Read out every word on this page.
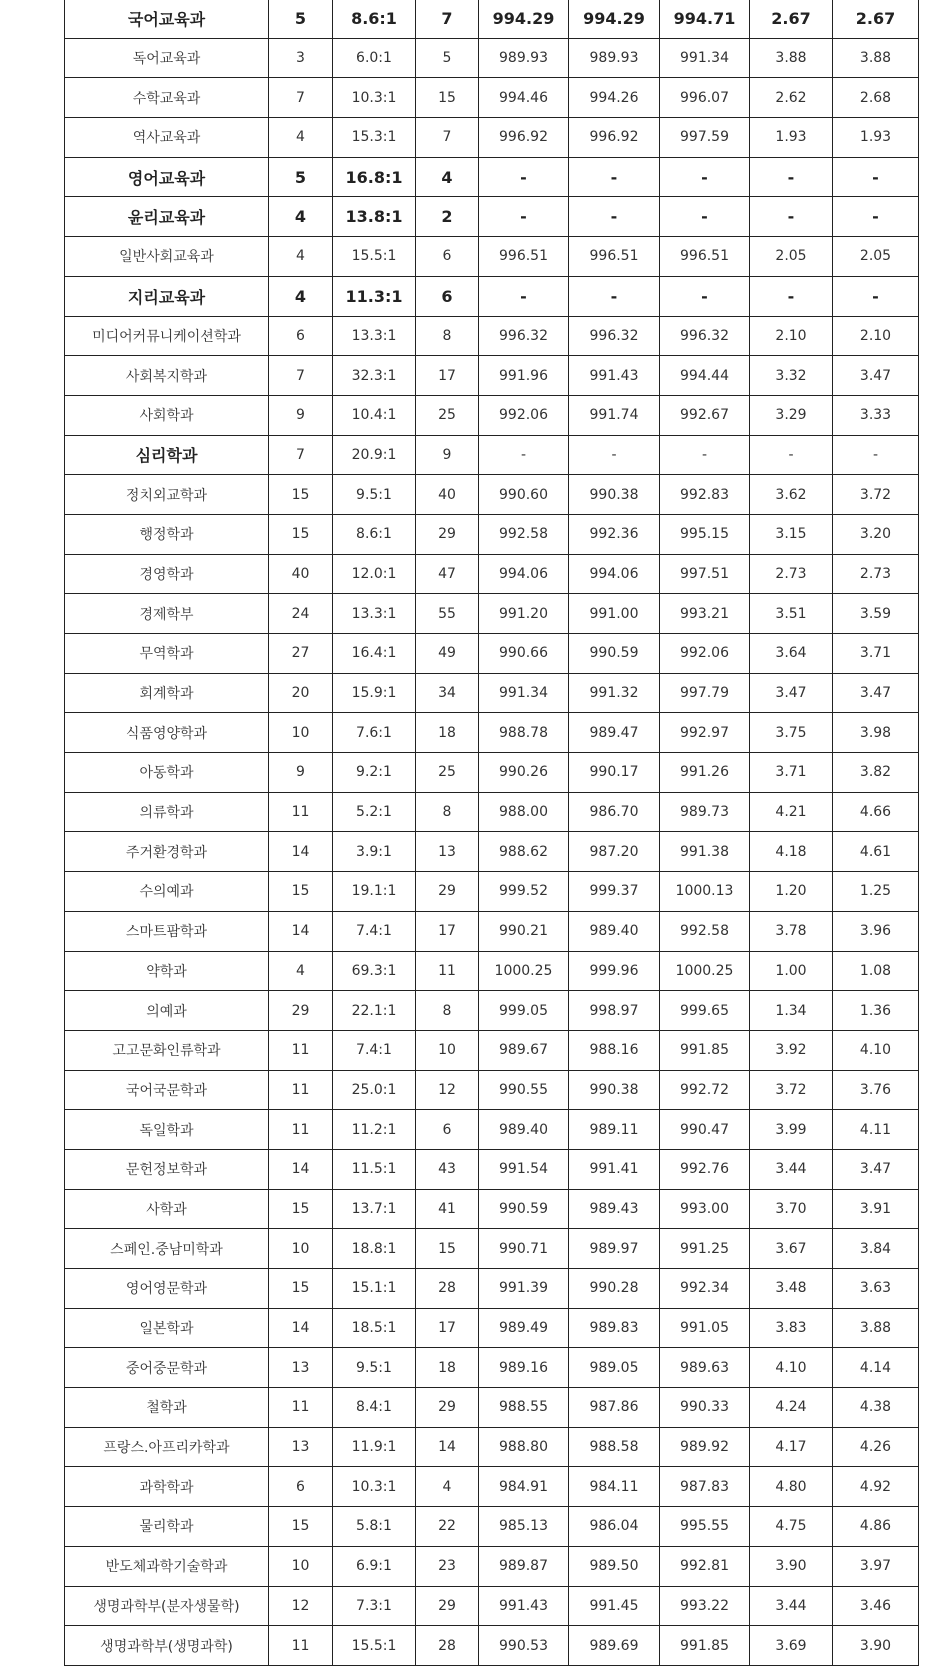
국어교육과	5	8.6:1	7	994.29	994.29	994.71	2.67	2.67
독어교육과	3	6.0:1	5	989.93	989.93	991.34	3.88	3.88
수학교육과	7	10.3:1	15	994.46	994.26	996.07	2.62	2.68
역사교육과	4	15.3:1	7	996.92	996.92	997.59	1.93	1.93
영어교육과	5	16.8:1	4	-	-	-	-	-
윤리교육과	4	13.8:1	2	-	-	-	-	-
일반사회교육과	4	15.5:1	6	996.51	996.51	996.51	2.05	2.05
지리교육과	4	11.3:1	6	-	-	-	-	-
미디어커뮤니케이션학과	6	13.3:1	8	996.32	996.32	996.32	2.10	2.10
사회복지학과	7	32.3:1	17	991.96	991.43	994.44	3.32	3.47
사회학과	9	10.4:1	25	992.06	991.74	992.67	3.29	3.33
심리학과	7	20.9:1	9	-	-	-	-	-
정치외교학과	15	9.5:1	40	990.60	990.38	992.83	3.62	3.72
행정학과	15	8.6:1	29	992.58	992.36	995.15	3.15	3.20
경영학과	40	12.0:1	47	994.06	994.06	997.51	2.73	2.73
경제학부	24	13.3:1	55	991.20	991.00	993.21	3.51	3.59
무역학과	27	16.4:1	49	990.66	990.59	992.06	3.64	3.71
회계학과	20	15.9:1	34	991.34	991.32	997.79	3.47	3.47
식품영양학과	10	7.6:1	18	988.78	989.47	992.97	3.75	3.98
아동학과	9	9.2:1	25	990.26	990.17	991.26	3.71	3.82
의류학과	11	5.2:1	8	988.00	986.70	989.73	4.21	4.66
주거환경학과	14	3.9:1	13	988.62	987.20	991.38	4.18	4.61
수의예과	15	19.1:1	29	999.52	999.37	1000.13	1.20	1.25
스마트팜학과	14	7.4:1	17	990.21	989.40	992.58	3.78	3.96
약학과	4	69.3:1	11	1000.25	999.96	1000.25	1.00	1.08
의예과	29	22.1:1	8	999.05	998.97	999.65	1.34	1.36
고고문화인류학과	11	7.4:1	10	989.67	988.16	991.85	3.92	4.10
국어국문학과	11	25.0:1	12	990.55	990.38	992.72	3.72	3.76
독일학과	11	11.2:1	6	989.40	989.11	990.47	3.99	4.11
문헌정보학과	14	11.5:1	43	991.54	991.41	992.76	3.44	3.47
사학과	15	13.7:1	41	990.59	989.43	993.00	3.70	3.91
스페인.중남미학과	10	18.8:1	15	990.71	989.97	991.25	3.67	3.84
영어영문학과	15	15.1:1	28	991.39	990.28	992.34	3.48	3.63
일본학과	14	18.5:1	17	989.49	989.83	991.05	3.83	3.88
중어중문학과	13	9.5:1	18	989.16	989.05	989.63	4.10	4.14
철학과	11	8.4:1	29	988.55	987.86	990.33	4.24	4.38
프랑스.아프리카학과	13	11.9:1	14	988.80	988.58	989.92	4.17	4.26
과학학과	6	10.3:1	4	984.91	984.11	987.83	4.80	4.92
물리학과	15	5.8:1	22	985.13	986.04	995.55	4.75	4.86
반도체과학기술학과	10	6.9:1	23	989.87	989.50	992.81	3.90	3.97
생명과학부(분자생물학)	12	7.3:1	29	991.43	991.45	993.22	3.44	3.46
생명과학부(생명과학)	11	15.5:1	28	990.53	989.69	991.85	3.69	3.90
